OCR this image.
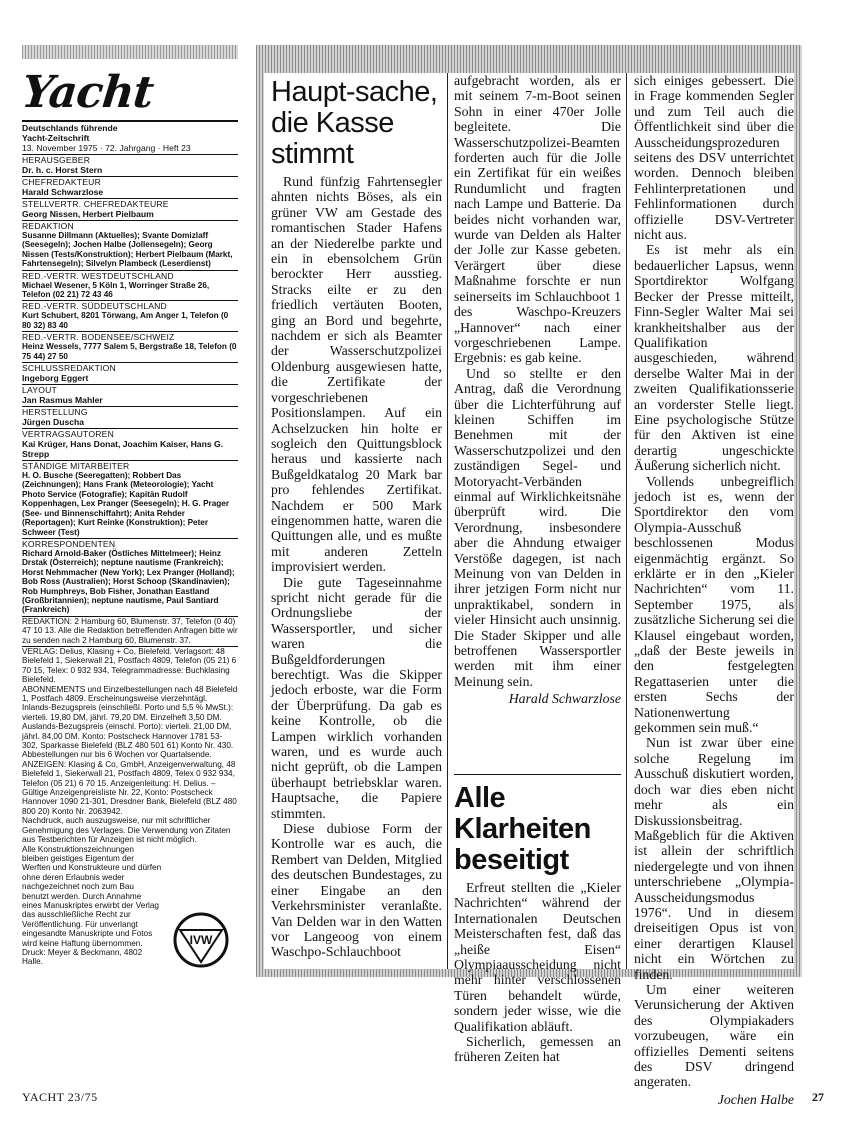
Yacht
Deutschlands führende
Yacht-Zeitschrift
13. November 1975 · 72. Jahrgang · Heft 23
HERAUSGEBER
Dr. h. c. Horst Stern
CHEFREDAKTEUR
Harald Schwarzlose
STELLVERTR. CHEFREDAKTEURE
Georg Nissen, Herbert Pielbaum
REDAKTION
Susanne Dillmann (Aktuelles); Svante Domizlaff (Seesegeln); Jochen Halbe (Jollensegeln); Georg Nissen (Tests/Konstruktion); Herbert Pielbaum (Markt, Fahrtensegeln); Silvelyn Plambeck (Leserdienst)
RED.-VERTR. WESTDEUTSCHLAND
Michael Wesener, 5 Köln 1, Worringer Straße 26, Telefon (02 21) 72 43 46
RED.-VERTR. SÜDDEUTSCHLAND
Kurt Schubert, 8201 Törwang, Am Anger 1, Telefon (0 80 32) 83 40
RED.-VERTR. BODENSEE/SCHWEIZ
Heinz Wessels, 7777 Salem 5, Bergstraße 18, Telefon (0 75 44) 27 50
SCHLUSSREDAKTION
Ingeborg Eggert
LAYOUT
Jan Rasmus Mahler
HERSTELLUNG
Jürgen Duscha
VERTRAGSAUTOREN
Kai Krüger, Hans Donat, Joachim Kaiser, Hans G. Strepp
STÄNDIGE MITARBEITER
H. O. Busche (Seeregatten); Robbert Das (Zeichnungen); Hans Frank (Meteorologie); Yacht Photo Service (Fotografie); Kapitän Rudolf Koppenhagen, Lex Pranger (Seesegeln); H. G. Prager (See- und Binnenschiffahrt); Anita Rehder (Reportagen); Kurt Reinke (Konstruktion); Peter Schweer (Test)
KORRESPONDENTEN
Richard Arnold-Baker (Östliches Mittelmeer); Heinz Drstak (Österreich); neptune nautisme (Frankreich); Horst Nehmmacher (New York); Lex Pranger (Holland); Bob Ross (Australien); Horst Schoop (Skandinavien); Rob Humphreys, Bob Fisher, Jonathan Eastland (Großbritannien); neptune nautisme, Paul Santiard (Frankreich)
REDAKTION: 2 Hamburg 60, Blumenstr. 37, Telefon (0 40) 47 10 13. Alle die Redaktion betreffenden Anfragen bitte wir zu senden nach 2 Hamburg 60, Blumenstr. 37.
VERLAG: Delius, Klasing + Co, Bielefeld. Verlagsort: 48 Bielefeld 1, Siekerwall 21, Postfach 4809, Telefon (05 21) 6 70 15, Telex: 0 932 934, Telegrammadresse: Buchklasing Bielefeld.
ABONNEMENTS und Einzelbestellungen nach 48 Bielefeld 1, Postfach 4809. Erscheinungsweise vierzehntägl. Inlands-Bezugspreis (einschließl. Porto und 5,5 % MwSt.): vierteli. 19,80 DM, jährl. 79,20 DM. Einzelheft 3,50 DM. Auslands-Bezugspreis (einschl. Porto): vierteli. 21,00 DM, jährl. 84,00 DM. Konto: Postscheck Hannover 1781 53-302, Sparkasse Bielefeld (BLZ 480 501 61) Konto Nr. 430. Abbestellungen nur bis 6 Wochen vor Quartalsende.
ANZEIGEN: Klasing & Co, GmbH, Anzeigenverwaltung, 48 Bielefeld 1, Siekerwall 21, Postfach 4809, Telex 0 932 934, Telefon (05 21) 6 70 15. Anzeigenleitung: H. Delius. – Gültige Anzeigenpreisliste Nr. 22, Konto: Postscheck Hannover 1090 21-301, Dresdner Bank, Bielefeld (BLZ 480 800 20) Konto Nr. 2063942.
Nachdruck, auch auszugsweise, nur mit schriftlicher Genehmigung des Verlages. Die Verwendung von Zitaten aus Testberichten für Anzeigen ist nicht möglich.
Alle Konstruktionszeichnungen bleiben geistiges Eigentum der Werften und Konstrukteure und dürfen ohne deren Erlaubnis weder nachgezeichnet noch zum Bau benutzt werden. Durch Annahme eines Manuskriptes erwirbt der Verlag das ausschließliche Recht zur Veröffentlichung. Für unverlangt eingesandte Manuskripte und Fotos wird keine Haftung übernommen. Druck: Meyer & Beckmann, 4802 Halle.
IVW
Haupt-sache, die Kasse stimmt

Rund fünfzig Fahrtensegler ahnten nichts Böses, als ein grüner VW am Gestade des romantischen Stader Hafens an der Niederelbe parkte und ein in ebensolchem Grün berockter Herr ausstieg. Stracks eilte er zu den friedlich vertäuten Booten, ging an Bord und begehrte, nachdem er sich als Beamter der Wasserschutzpolizei Oldenburg ausgewiesen hatte, die Zertifikate der vorgeschriebenen Positionslampen. Auf ein Achselzucken hin holte er sogleich den Quittungsblock heraus und kassierte nach Bußgeldkatalog 20 Mark bar pro fehlendes Zertifikat. Nachdem er 500 Mark eingenommen hatte, waren die Quittungen alle, und es mußte mit anderen Zetteln improvisiert werden.

Die gute Tageseinnahme spricht nicht gerade für die Ordnungsliebe der Wassersportler, und sicher waren die Bußgeldforderungen berechtigt. Was die Skipper jedoch erboste, war die Form der Überprüfung. Da gab es keine Kontrolle, ob die Lampen wirklich vorhanden waren, und es wurde auch nicht geprüft, ob die Lampen überhaupt betriebsklar waren. Hauptsache, die Papiere stimmten.

Diese dubiose Form der Kontrolle war es auch, die Rembert van Delden, Mitglied des deutschen Bundestages, zu einer Eingabe an den Verkehrsminister veranlaßte. Van Delden war in den Watten vor Langeoog von einem Waschpo-Schlauchboot

aufgebracht worden, als er mit seinem 7-m-Boot seinen Sohn in einer 470er Jolle begleitete. Die Wasserschutzpolizei-Beamten forderten auch für die Jolle ein Zertifikat für ein weißes Rundumlicht und fragten nach Lampe und Batterie. Da beides nicht vorhanden war, wurde van Delden als Halter der Jolle zur Kasse gebeten. Verärgert über diese Maßnahme forschte er nun seinerseits im Schlauchboot 1 des Waschpo-Kreuzers „Hannover“ nach einer vorgeschriebenen Lampe. Ergebnis: es gab keine.

Und so stellte er den Antrag, daß die Verordnung über die Lichterführung auf kleinen Schiffen im Benehmen mit der Wasserschutzpolizei und den zuständigen Segel- und Motoryacht-Verbänden einmal auf Wirklichkeitsnähe überprüft wird. Die Verordnung, insbesondere aber die Ahndung etwaiger Verstöße dagegen, ist nach Meinung von van Delden in ihrer jetzigen Form nicht nur unpraktikabel, sondern in vieler Hinsicht auch unsinnig. Die Stader Skipper und alle betroffenen Wassersportler werden mit ihm einer Meinung sein.

Harald Schwarzlose
Alle Klarheiten beseitigt

Erfreut stellten die „Kieler Nachrichten“ während der Internationalen Deutschen Meisterschaften fest, daß das „heiße Eisen“ Olympiaausscheidung nicht mehr hinter verschlossenen Türen behandelt würde, sondern jeder wisse, wie die Qualifikation abläuft.

Sicherlich, gemessen an früheren Zeiten hat

sich einiges gebessert. Die in Frage kommenden Segler und zum Teil auch die Öffentlichkeit sind über die Ausscheidungsprozeduren seitens des DSV unterrichtet worden. Dennoch bleiben Fehlinterpretationen und Fehlinformationen durch offizielle DSV-Vertreter nicht aus.

Es ist mehr als ein bedauerlicher Lapsus, wenn Sportdirektor Wolfgang Becker der Presse mitteilt, Finn-Segler Walter Mai sei krankheitshalber aus der Qualifikation ausgeschieden, während derselbe Walter Mai in der zweiten Qualifikationsserie an vorderster Stelle liegt. Eine psychologische Stütze für den Aktiven ist eine derartig ungeschickte Äußerung sicherlich nicht.

Vollends unbegreiflich jedoch ist es, wenn der Sportdirektor den vom Olympia-Ausschuß beschlossenen Modus eigenmächtig ergänzt. So erklärte er in den „Kieler Nachrichten“ vom 11. September 1975, als zusätzliche Sicherung sei die Klausel eingebaut worden, „daß der Beste jeweils in den festgelegten Regattaserien unter die ersten Sechs der Nationenwertung gekommen sein muß.“

Nun ist zwar über eine solche Regelung im Ausschuß diskutiert worden, doch war dies eben nicht mehr als ein Diskussionsbeitrag. Maßgeblich für die Aktiven ist allein der schriftlich niedergelegte und von ihnen unterschriebene „Olympia-Ausscheidungsmodus 1976“. Und in diesem dreiseitigen Opus ist von einer derartigen Klausel nicht ein Wörtchen zu finden.

Um einer weiteren Verunsicherung der Aktiven des Olympiakaders vorzubeugen, wäre ein offizielles Dementi seitens des DSV dringend angeraten.

Jochen Halbe
YACHT 23/75	27
